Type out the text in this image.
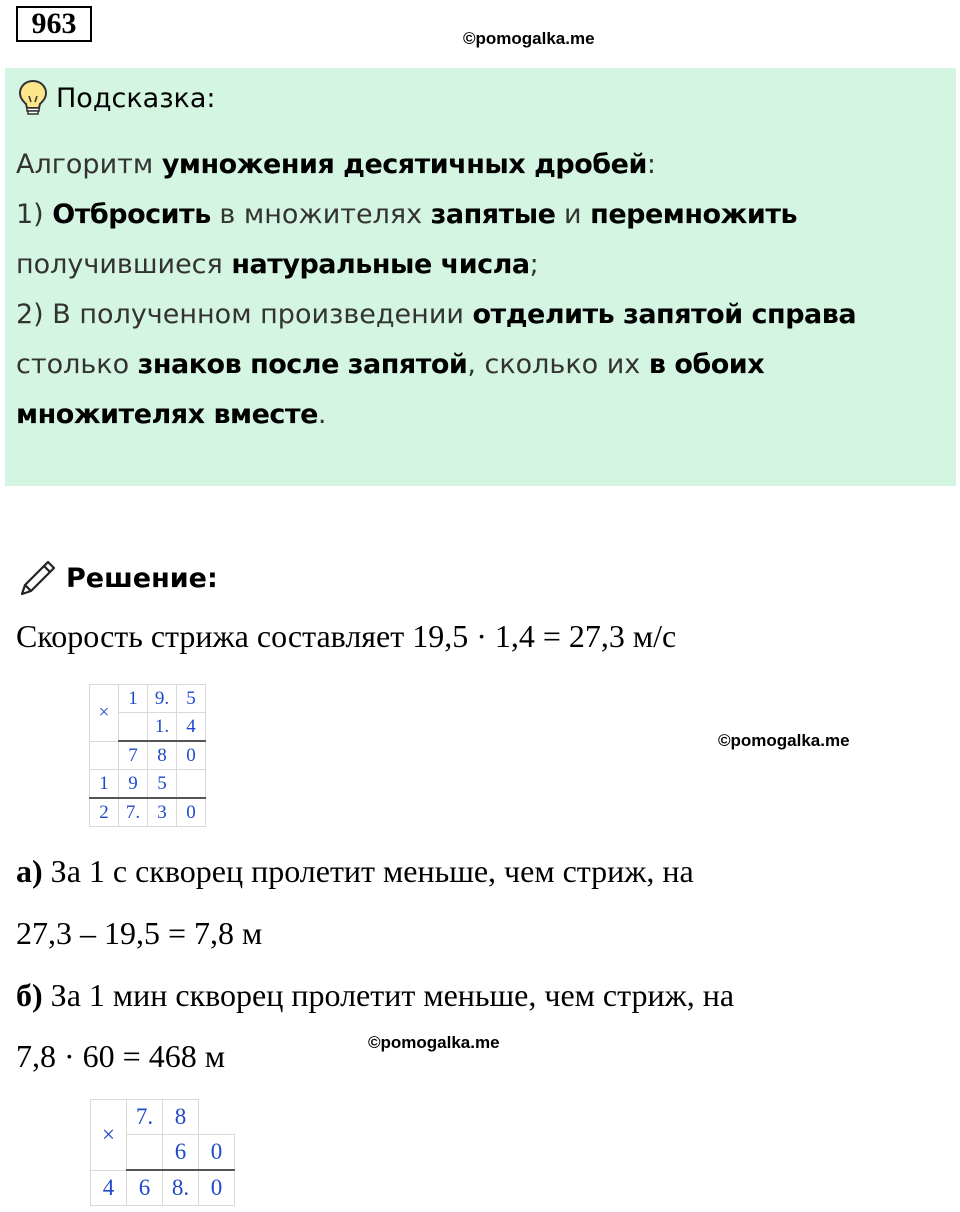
963	©pomogalka.me
Подсказка:
Алгоритм умножения десятичных дробей:
1) Отбросить в множителях запятые и перемножить
получившиеся натуральные числа;
2) В полученном произведении отделить запятой справа
столько знаков после запятой, сколько их в обоих
множителях вместе.
Решение:
Скорость стрижа составляет 19,5 · 1,4 = 27,3 м/с
×	1	9.	5
		1.	4
	7	8	0
1	9	5	
2	7.	3	0
©pomogalka.me
а) За 1 с скворец пролетит меньше, чем стриж, на
27,3 – 19,5 = 7,8 м
б) За 1 мин скворец пролетит меньше, чем стриж, на
©pomogalka.me
7,8 · 60 = 468 м
×	7.	8	
		6	0
4	6	8.	0
